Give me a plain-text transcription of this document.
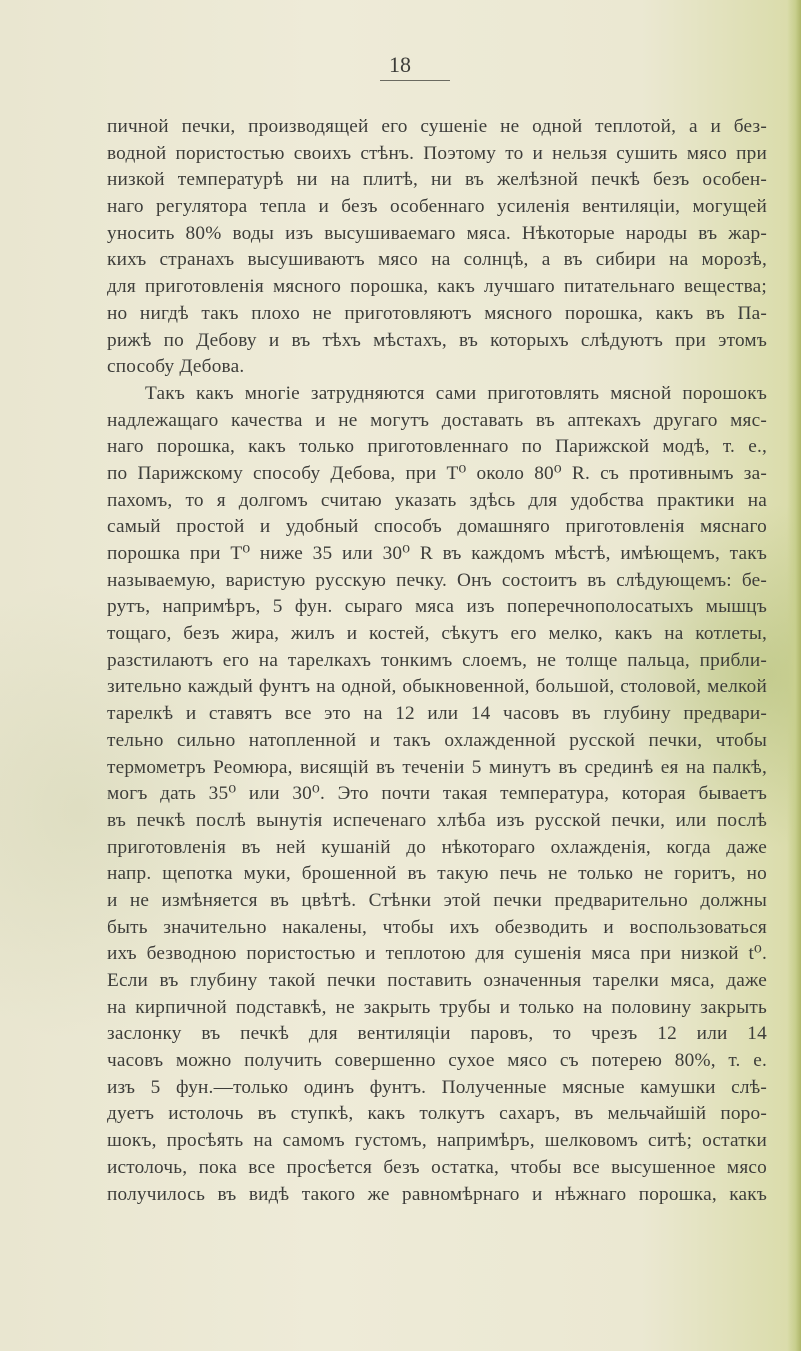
18
пичной печки, производящей его сушеніе не одной теплотой, а и без-
водной пористостью своихъ стѣнъ. Поэтому то и нельзя сушить мясо при
низкой температурѣ ни на плитѣ, ни въ желѣзной печкѣ безъ особен-
наго регулятора тепла и безъ особеннаго усиленія вентиляціи, могущей
уносить 80% воды изъ высушиваемаго мяса. Нѣкоторые народы въ жар-
кихъ странахъ высушиваютъ мясо на солнцѣ, а въ сибири на морозѣ,
для приготовленія мясного порошка, какъ лучшаго питательнаго вещества;
но нигдѣ такъ плохо не приготовляютъ мясного порошка, какъ въ Па-
рижѣ по Дебову и въ тѣхъ мѣстахъ, въ которыхъ слѣдуютъ при этомъ
способу Дебова.
Такъ какъ многіе затрудняются сами приготовлять мясной порошокъ
надлежащаго качества и не могутъ доставать въ аптекахъ другаго мяс-
наго порошка, какъ только приготовленнаго по Парижской модѣ, т. е.,
по Парижскому способу Дебова, при T⁰ около 80⁰ R. съ противнымъ за-
пахомъ, то я долгомъ считаю указать здѣсь для удобства практики на
самый простой и удобный способъ домашняго приготовленія мяснаго
порошка при T⁰ ниже 35 или 30⁰ R въ каждомъ мѣстѣ, имѣющемъ, такъ
называемую, варистую русскую печку. Онъ состоитъ въ слѣдующемъ: бе-
рутъ, напримѣръ, 5 фун. сыраго мяса изъ поперечнополосатыхъ мышцъ
тощаго, безъ жира, жилъ и костей, сѣкутъ его мелко, какъ на котлеты,
разстилаютъ его на тарелкахъ тонкимъ слоемъ, не толще пальца, прибли-
зительно каждый фунтъ на одной, обыкновенной, большой, столовой, мелкой
тарелкѣ и ставятъ все это на 12 или 14 часовъ въ глубину предвари-
тельно сильно натопленной и такъ охлажденной русской печки, чтобы
термометръ Реомюра, висящій въ теченіи 5 минутъ въ срединѣ ея на палкѣ,
могъ дать 35⁰ или 30⁰. Это почти такая температура, которая бываетъ
въ печкѣ послѣ вынутія испеченаго хлѣба изъ русской печки, или послѣ
приготовленія въ ней кушаній до нѣкотораго охлажденія, когда даже
напр. щепотка муки, брошенной въ такую печь не только не горитъ, но
и не измѣняется въ цвѣтѣ. Стѣнки этой печки предварительно должны
быть значительно накалены, чтобы ихъ обезводить и воспользоваться
ихъ безводною пористостью и теплотою для сушенія мяса при низкой t⁰.
Если въ глубину такой печки поставить означенныя тарелки мяса, даже
на кирпичной подставкѣ, не закрыть трубы и только на половину закрыть
заслонку въ печкѣ для вентиляціи паровъ, то чрезъ 12 или 14
часовъ можно получить совершенно сухое мясо съ потерею 80%, т. е.
изъ 5 фун.—только одинъ фунтъ. Полученные мясные камушки слѣ-
дуетъ истолочь въ ступкѣ, какъ толкутъ сахаръ, въ мельчайшій поро-
шокъ, просѣять на самомъ густомъ, напримѣръ, шелковомъ ситѣ; остатки
истолочь, пока все просѣется безъ остатка, чтобы все высушенное мясо
получилось въ видѣ такого же равномѣрнаго и нѣжнаго порошка, какъ
